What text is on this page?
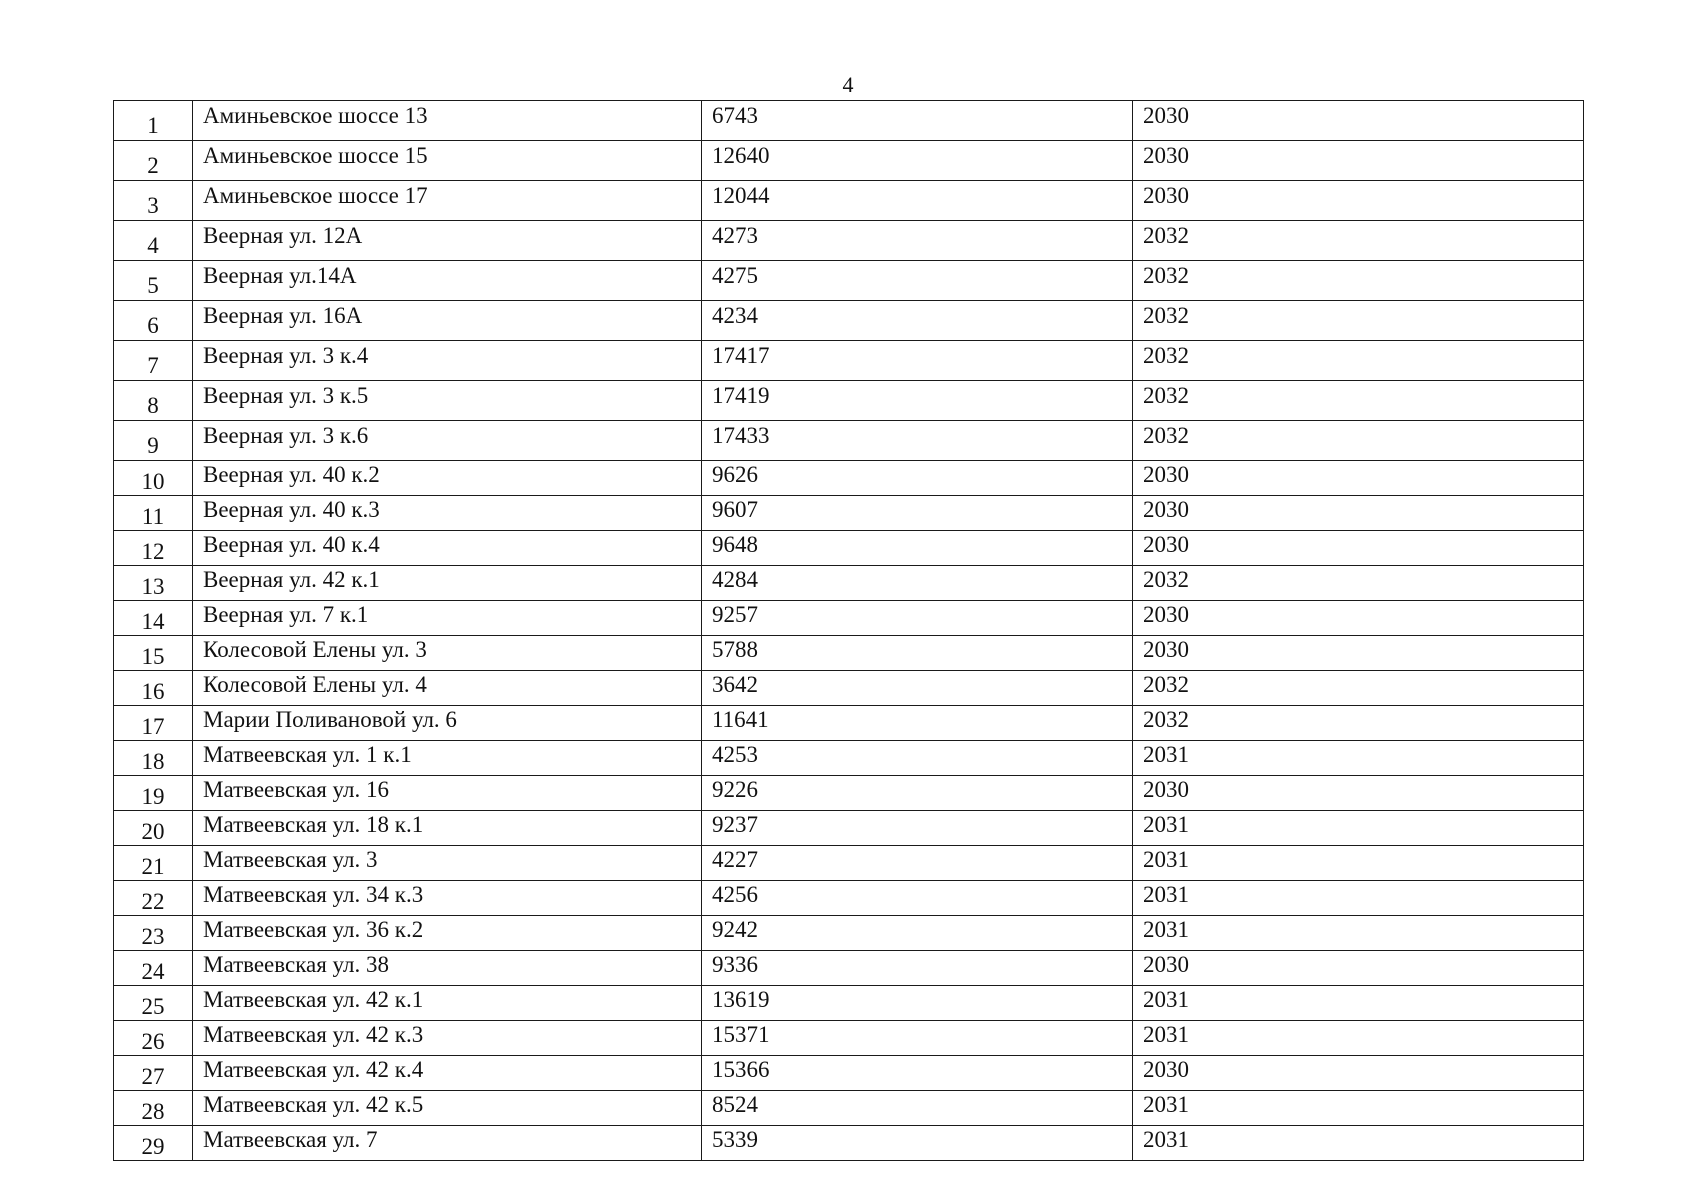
4
1	Аминьевское шоссе 13	6743	2030
2	Аминьевское шоссе 15	12640	2030
3	Аминьевское шоссе 17	12044	2030
4	Веерная ул. 12А	4273	2032
5	Веерная ул.14А	4275	2032
6	Веерная ул. 16А	4234	2032
7	Веерная ул. 3 к.4	17417	2032
8	Веерная ул. 3 к.5	17419	2032
9	Веерная ул. 3 к.6	17433	2032
10	Веерная ул. 40 к.2	9626	2030
11	Веерная ул. 40 к.3	9607	2030
12	Веерная ул. 40 к.4	9648	2030
13	Веерная ул. 42 к.1	4284	2032
14	Веерная ул. 7 к.1	9257	2030
15	Колесовой Елены ул. 3	5788	2030
16	Колесовой Елены ул. 4	3642	2032
17	Марии Поливановой ул. 6	11641	2032
18	Матвеевская ул. 1 к.1	4253	2031
19	Матвеевская ул. 16	9226	2030
20	Матвеевская ул. 18 к.1	9237	2031
21	Матвеевская ул. 3	4227	2031
22	Матвеевская ул. 34 к.3	4256	2031
23	Матвеевская ул. 36 к.2	9242	2031
24	Матвеевская ул. 38	9336	2030
25	Матвеевская ул. 42 к.1	13619	2031
26	Матвеевская ул. 42 к.3	15371	2031
27	Матвеевская ул. 42 к.4	15366	2030
28	Матвеевская ул. 42 к.5	8524	2031
29	Матвеевская ул. 7	5339	2031
